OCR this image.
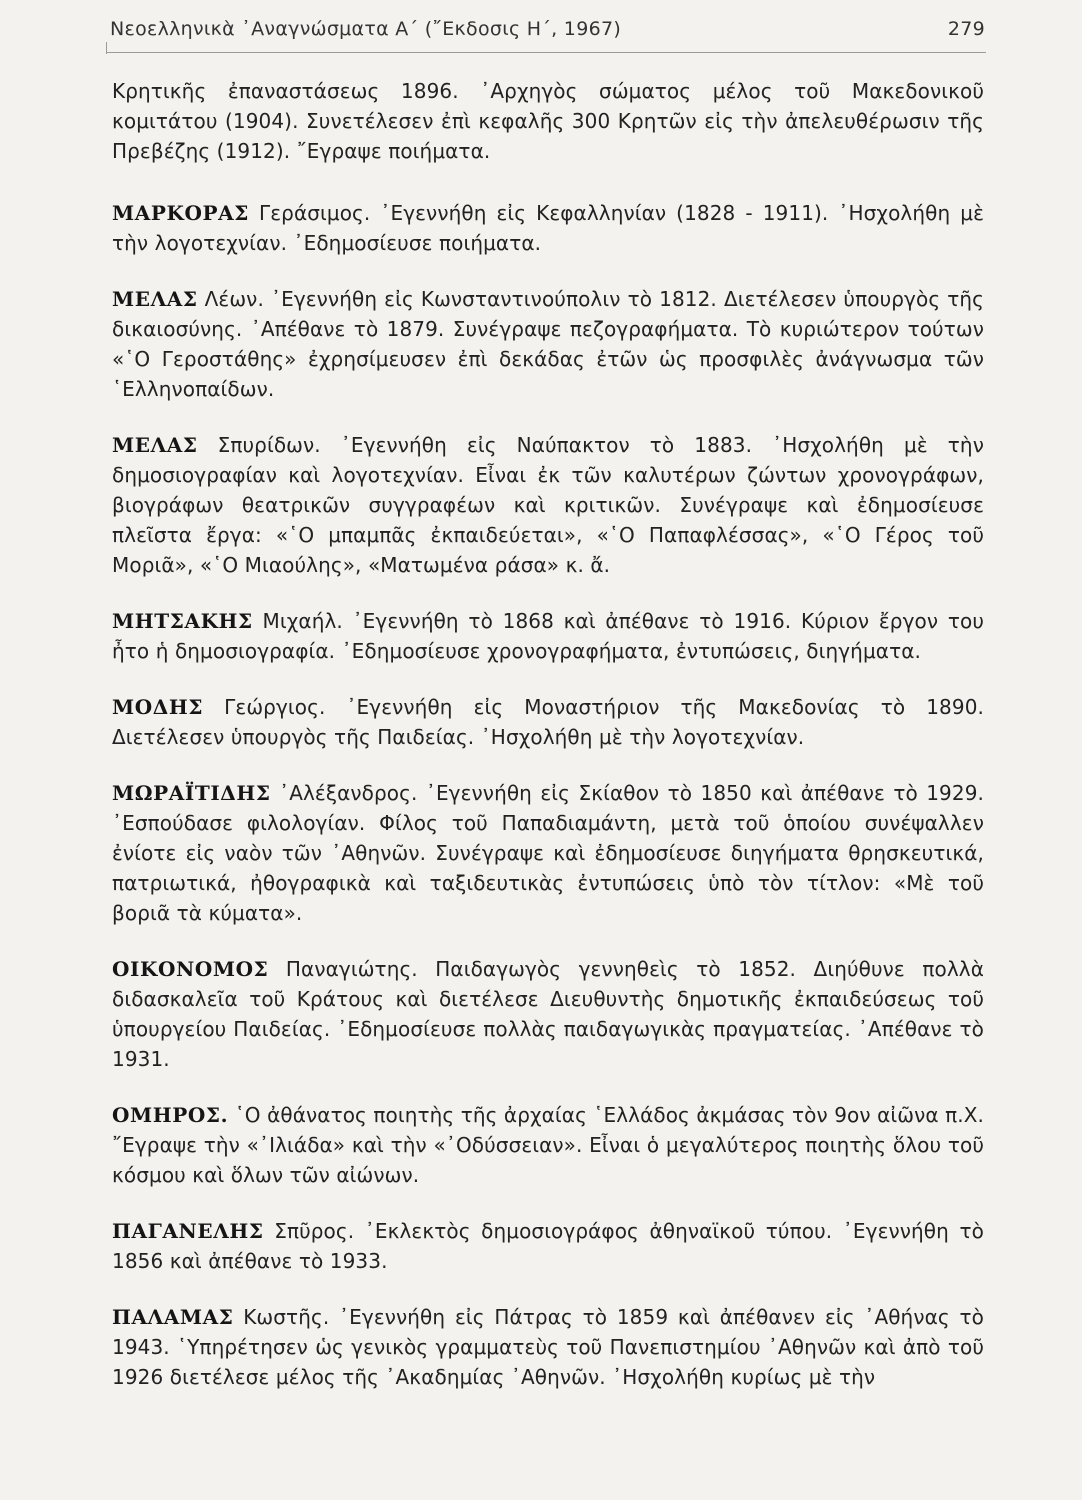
Νεοελληνικὰ ᾿Αναγνώσματα Α΄ (῎Εκδοσις Η΄, 1967)	279

Κρητικῆς ἐπαναστάσεως 1896. ᾿Αρχηγὸς σώματος μέλος τοῦ Μακεδονικοῦ κομιτάτου (1904). Συνετέλεσεν ἐπὶ κεφαλῆς 300 Κρητῶν εἰς τὴν ἀπελευθέρωσιν τῆς Πρεβέζης (1912). ῎Εγραψε ποιήματα.

ΜΑΡΚΟΡΑΣ Γεράσιμος. ᾿Εγεννήθη εἰς Κεφαλληνίαν (1828 - 1911). ᾿Ησχολήθη μὲ τὴν λογοτεχνίαν. ᾿Εδημοσίευσε ποιήματα.

ΜΕΛΑΣ Λέων. ᾿Εγεννήθη εἰς Κωνσταντινούπολιν τὸ 1812. Διετέλεσεν ὑπουργὸς τῆς δικαιοσύνης. ᾿Απέθανε τὸ 1879. Συνέγραψε πεζογραφήματα. Τὸ κυριώτερον τούτων «῾Ο Γεροστάθης» ἐχρησίμευσεν ἐπὶ δεκάδας ἐτῶν ὡς προσφιλὲς ἀνάγνωσμα τῶν ῾Ελληνοπαίδων.

ΜΕΛΑΣ Σπυρίδων. ᾿Εγεννήθη εἰς Ναύπακτον τὸ 1883. ᾿Ησχολήθη μὲ τὴν δημοσιογραφίαν καὶ λογοτεχνίαν. Εἶναι ἐκ τῶν καλυτέρων ζώντων χρονογράφων, βιογράφων θεατρικῶν συγγραφέων καὶ κριτικῶν. Συνέγραψε καὶ ἐδημοσίευσε πλεῖστα ἔργα: «῾Ο μπαμπᾶς ἐκπαιδεύεται», «῾Ο Παπαφλέσσας», «῾Ο Γέρος τοῦ Μοριᾶ», «῾Ο Μιαούλης», «Ματωμένα ράσα» κ. ἄ.

ΜΗΤΣΑΚΗΣ Μιχαήλ. ᾿Εγεννήθη τὸ 1868 καὶ ἀπέθανε τὸ 1916. Κύριον ἔργον του ἦτο ἡ δημοσιογραφία. ᾿Εδημοσίευσε χρονογραφήματα, ἐντυπώσεις, διηγήματα.

ΜΟΔΗΣ Γεώργιος. ᾿Εγεννήθη εἰς Μοναστήριον τῆς Μακεδονίας τὸ 1890. Διετέλεσεν ὑπουργὸς τῆς Παιδείας. ᾿Ησχολήθη μὲ τὴν λογοτεχνίαν.

ΜΩΡΑΪΤΙΔΗΣ ᾿Αλέξανδρος. ᾿Εγεννήθη εἰς Σκίαθον τὸ 1850 καὶ ἀπέθανε τὸ 1929. ᾿Εσπούδασε φιλολογίαν. Φίλος τοῦ Παπαδιαμάντη, μετὰ τοῦ ὁποίου συνέψαλλεν ἐνίοτε εἰς ναὸν τῶν ᾿Αθηνῶν. Συνέγραψε καὶ ἐδημοσίευσε διηγήματα θρησκευτικά, πατριωτικά, ἠθογραφικὰ καὶ ταξιδευτικὰς ἐντυπώσεις ὑπὸ τὸν τίτλον: «Μὲ τοῦ βοριᾶ τὰ κύματα».

ΟΙΚΟΝΟΜΟΣ Παναγιώτης. Παιδαγωγὸς γεννηθεὶς τὸ 1852. Διηύθυνε πολλὰ διδασκαλεῖα τοῦ Κράτους καὶ διετέλεσε Διευθυντὴς δημοτικῆς ἐκπαιδεύσεως τοῦ ὑπουργείου Παιδείας. ᾿Εδημοσίευσε πολλὰς παιδαγωγικὰς πραγματείας. ᾿Απέθανε τὸ 1931.

ΟΜΗΡΟΣ. ῾Ο ἀθάνατος ποιητὴς τῆς ἀρχαίας ῾Ελλάδος ἀκμάσας τὸν 9ον αἰῶνα π.Χ. ῎Εγραψε τὴν «᾿Ιλιάδα» καὶ τὴν «᾿Οδύσσειαν». Εἶναι ὁ μεγαλύτερος ποιητὴς ὅλου τοῦ κόσμου καὶ ὅλων τῶν αἰώνων.

ΠΑΓΑΝΕΛΗΣ Σπῦρος. ᾿Εκλεκτὸς δημοσιογράφος ἀθηναϊκοῦ τύπου. ᾿Εγεννήθη τὸ 1856 καὶ ἀπέθανε τὸ 1933.

ΠΑΛΑΜΑΣ Κωστῆς. ᾿Εγεννήθη εἰς Πάτρας τὸ 1859 καὶ ἀπέθανεν εἰς ᾿Αθήνας τὸ 1943. ῾Υπηρέτησεν ὡς γενικὸς γραμματεὺς τοῦ Πανεπιστημίου ᾿Αθηνῶν καὶ ἀπὸ τοῦ 1926 διετέλεσε μέλος τῆς ᾿Ακαδημίας ᾿Αθηνῶν. ᾿Ησχολήθη κυρίως μὲ τὴν
